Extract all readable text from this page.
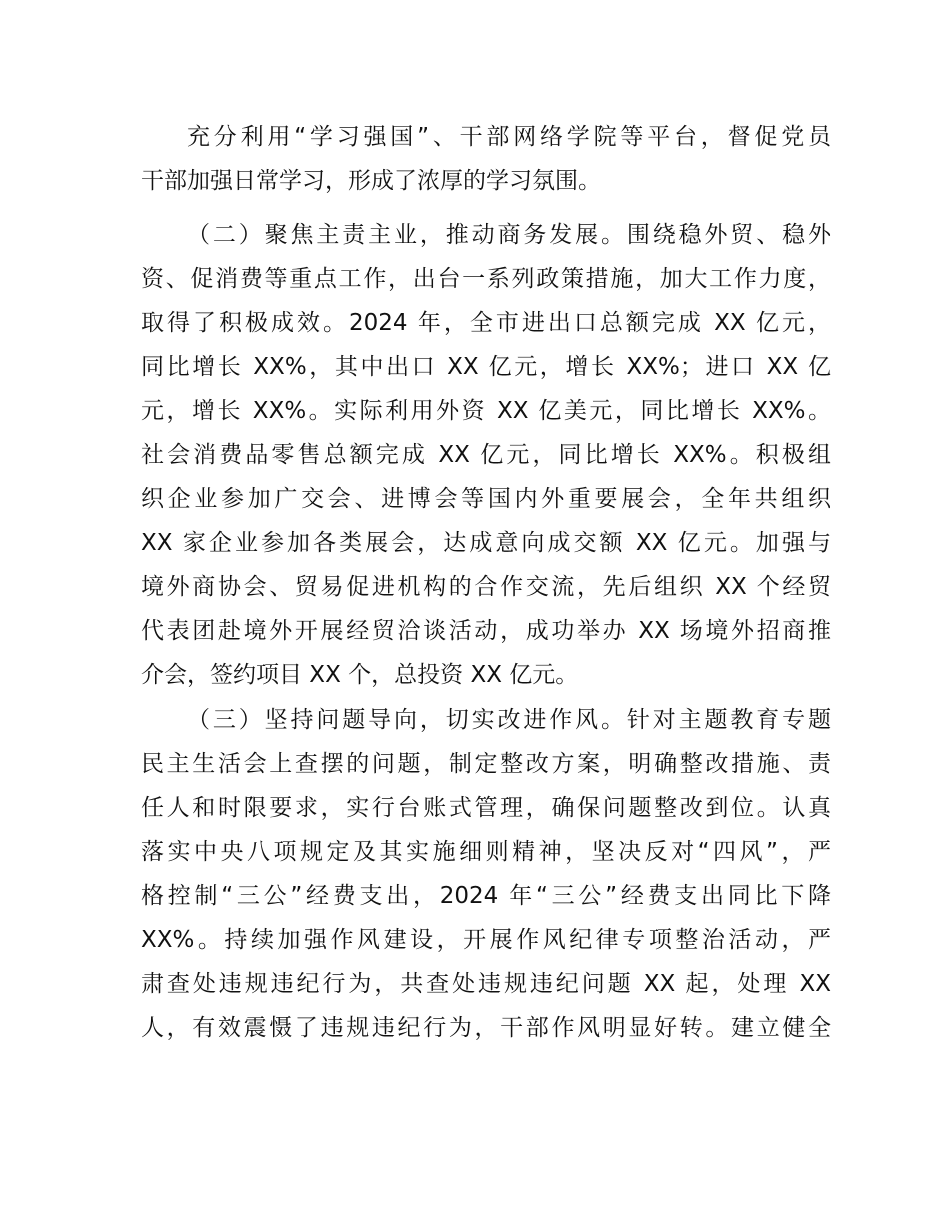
充分利用“学习强国”、干部网络学院等平台，督促党员
干部加强日常学习，形成了浓厚的学习氛围。
（二）聚焦主责主业，推动商务发展。围绕稳外贸、稳外
资、促消费等重点工作，出台一系列政策措施，加大工作力度，
取得了积极成效。2024 年，全市进出口总额完成 XX 亿元，
同比增长 XX%，其中出口 XX 亿元，增长 XX%；进口 XX 亿
元，增长 XX%。实际利用外资 XX 亿美元，同比增长 XX%。
社会消费品零售总额完成 XX 亿元，同比增长 XX%。积极组
织企业参加广交会、进博会等国内外重要展会，全年共组织
XX 家企业参加各类展会，达成意向成交额 XX 亿元。加强与
境外商协会、贸易促进机构的合作交流，先后组织 XX 个经贸
代表团赴境外开展经贸洽谈活动，成功举办 XX 场境外招商推
介会，签约项目 XX 个，总投资 XX 亿元。
（三）坚持问题导向，切实改进作风。针对主题教育专题
民主生活会上查摆的问题，制定整改方案，明确整改措施、责
任人和时限要求，实行台账式管理，确保问题整改到位。认真
落实中央八项规定及其实施细则精神，坚决反对“四风”，严
格控制“三公”经费支出，2024 年“三公”经费支出同比下降
XX%。持续加强作风建设，开展作风纪律专项整治活动，严
肃查处违规违纪行为，共查处违规违纪问题 XX 起，处理 XX
人，有效震慑了违规违纪行为，干部作风明显好转。建立健全
